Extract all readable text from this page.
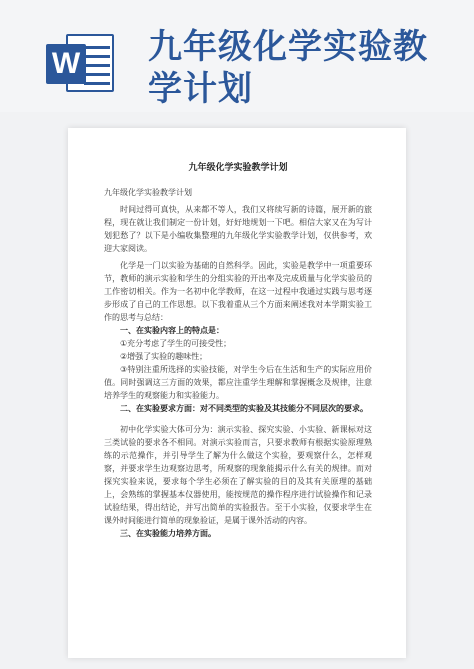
W 九年级化学实验教
学计划

九年级化学实验教学计划

九年级化学实验教学计划

时间过得可真快，从来都不等人，我们又将续写新的诗篇，展开新的旅程，现在就让我们制定一份计划，好好地规划一下吧。相信大家又在为写计划犯愁了？以下是小编收集整理的九年级化学实验教学计划，仅供参考，欢迎大家阅读。

化学是一门以实验为基础的自然科学。因此，实验是教学中一项重要环节，教师的演示实验和学生的分组实验的开出率及完成质量与化学实验员的工作密切相关。作为一名初中化学教师，在这一过程中我通过实践与思考逐步形成了自己的工作思想。以下我着重从三个方面来阐述我对本学期实验工作的思考与总结：

一、在实验内容上的特点是：

①充分考虑了学生的可接受性；

②增强了实验的趣味性；

③特别注重所选择的实验技能，对学生今后在生活和生产的实际应用价值。同时强调这三方面的效果，都应注重学生理解和掌握概念及规律，注意培养学生的观察能力和实验能力。

二、在实验要求方面：对不同类型的实验及其技能分不同层次的要求。

初中化学实验大体可分为：演示实验、探究实验、小实验、新课标对这三类试验的要求各不相同。对演示实验而言，只要求教师有根据实验原理熟练的示范操作，并引导学生了解为什么做这个实验，要观察什么，怎样观察，并要求学生边观察边思考，所观察的现象能揭示什么有关的规律。而对探究实验来说，要求每个学生必须在了解实验的目的及其有关原理的基础上，会熟练的掌握基本仪器使用，能按规范的操作程序进行试验操作和记录试验结果，得出结论，并写出简单的实验报告。至于小实验，仅要求学生在课外时间能进行简单的现象验证，是属于课外活动的内容。

三、在实验能力培养方面。
